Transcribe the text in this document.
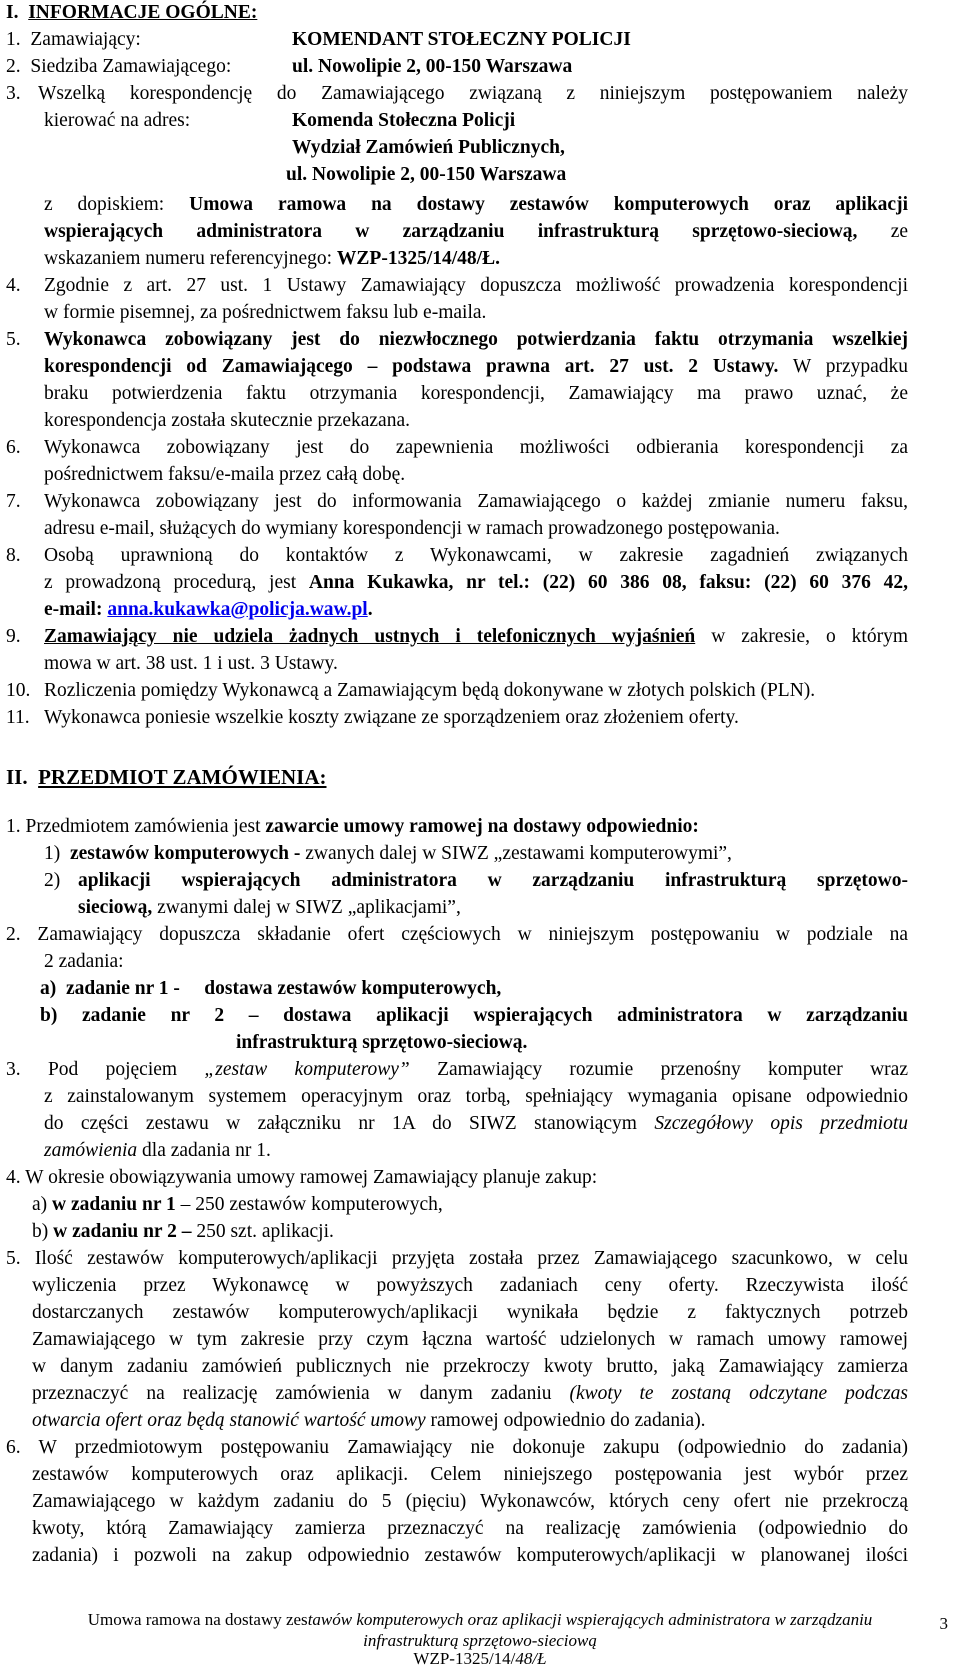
I. INFORMACJE OGÓLNE:
1. Zamawiający:	KOMENDANT STOŁECZNY POLICJI
2. Siedziba Zamawiającego:	ul. Nowolipie 2, 00-150 Warszawa
3. Wszelką korespondencję do Zamawiającego związaną z niniejszym postępowaniem należy
kierować na adres:	Komenda Stołeczna Policji
Wydział Zamówień Publicznych,
ul. Nowolipie 2, 00-150 Warszawa
z dopiskiem: Umowa ramowa na dostawy zestawów komputerowych oraz aplikacji
wspierających administratora w zarządzaniu infrastrukturą sprzętowo-sieciową, ze
wskazaniem numeru referencyjnego: WZP-1325/14/48/Ł.
4. Zgodnie z art. 27 ust. 1 Ustawy Zamawiający dopuszcza możliwość prowadzenia korespondencji
w formie pisemnej, za pośrednictwem faksu lub e-maila.
5. Wykonawca zobowiązany jest do niezwłocznego potwierdzania faktu otrzymania wszelkiej
korespondencji od Zamawiającego – podstawa prawna art. 27 ust. 2 Ustawy. W przypadku
braku potwierdzenia faktu otrzymania korespondencji, Zamawiający ma prawo uznać, że
korespondencja została skutecznie przekazana.
6. Wykonawca zobowiązany jest do zapewnienia możliwości odbierania korespondencji za
pośrednictwem faksu/e-maila przez całą dobę.
7. Wykonawca zobowiązany jest do informowania Zamawiającego o każdej zmianie numeru faksu,
adresu e-mail, służących do wymiany korespondencji w ramach prowadzonego postępowania.
8. Osobą uprawnioną do kontaktów z Wykonawcami, w zakresie zagadnień związanych
z prowadzoną procedurą, jest Anna Kukawka, nr tel.: (22) 60 386 08, faksu: (22) 60 376 42,
e-mail: anna.kukawka@policja.waw.pl.
9. Zamawiający nie udziela żadnych ustnych i telefonicznych wyjaśnień w zakresie, o którym
mowa w art. 38 ust. 1 i ust. 3 Ustawy.
10. Rozliczenia pomiędzy Wykonawcą a Zamawiającym będą dokonywane w złotych polskich (PLN).
11. Wykonawca poniesie wszelkie koszty związane ze sporządzeniem oraz złożeniem oferty.
II. PRZEDMIOT ZAMÓWIENIA:
1. Przedmiotem zamówienia jest zawarcie umowy ramowej na dostawy odpowiednio:
1) zestawów komputerowych - zwanych dalej w SIWZ „zestawami komputerowymi”,
2) aplikacji wspierających administratora w zarządzaniu infrastrukturą sprzętowo-
sieciową, zwanymi dalej w SIWZ „aplikacjami”,
2. Zamawiający dopuszcza składanie ofert częściowych w niniejszym postępowaniu w podziale na
2 zadania:
a)  zadanie nr 1 -     dostawa zestawów komputerowych,
b) zadanie nr 2 – dostawa aplikacji wspierających administratora w zarządzaniu
infrastrukturą sprzętowo-sieciową.
3. Pod pojęciem „zestaw komputerowy” Zamawiający rozumie przenośny komputer wraz
z zainstalowanym systemem operacyjnym oraz torbą, spełniający wymagania opisane odpowiednio
do części zestawu w załączniku nr 1A do SIWZ stanowiącym Szczegółowy opis przedmiotu
zamówienia dla zadania nr 1.
4. W okresie obowiązywania umowy ramowej Zamawiający planuje zakup:
a) w zadaniu nr 1 – 250 zestawów komputerowych,
b) w zadaniu nr 2 – 250 szt. aplikacji.
5. Ilość zestawów komputerowych/aplikacji przyjęta została przez Zamawiającego szacunkowo, w celu
wyliczenia przez Wykonawcę w powyższych zadaniach ceny oferty. Rzeczywista ilość
dostarczanych zestawów komputerowych/aplikacji wynikała będzie z faktycznych potrzeb
Zamawiającego w tym zakresie przy czym łączna wartość udzielonych w ramach umowy ramowej
w danym zadaniu zamówień publicznych nie przekroczy kwoty brutto, jaką Zamawiający zamierza
przeznaczyć na realizację zamówienia w danym zadaniu (kwoty te zostaną odczytane podczas
otwarcia ofert oraz będą stanowić wartość umowy ramowej odpowiednio do zadania).
6. W przedmiotowym postępowaniu Zamawiający nie dokonuje zakupu (odpowiednio do zadania)
zestawów komputerowych oraz aplikacji. Celem niniejszego postępowania jest wybór przez
Zamawiającego w każdym zadaniu do 5 (pięciu) Wykonawców, których ceny ofert nie przekroczą
kwoty, którą Zamawiający zamierza przeznaczyć na realizację zamówienia (odpowiednio do
zadania) i pozwoli na zakup odpowiednio zestawów komputerowych/aplikacji w planowanej ilości
Umowa ramowa na dostawy zestawów komputerowych oraz aplikacji wspierających administratora w zarządzaniu
infrastrukturą sprzętowo-sieciową
WZP-1325/14/48/Ł
3
